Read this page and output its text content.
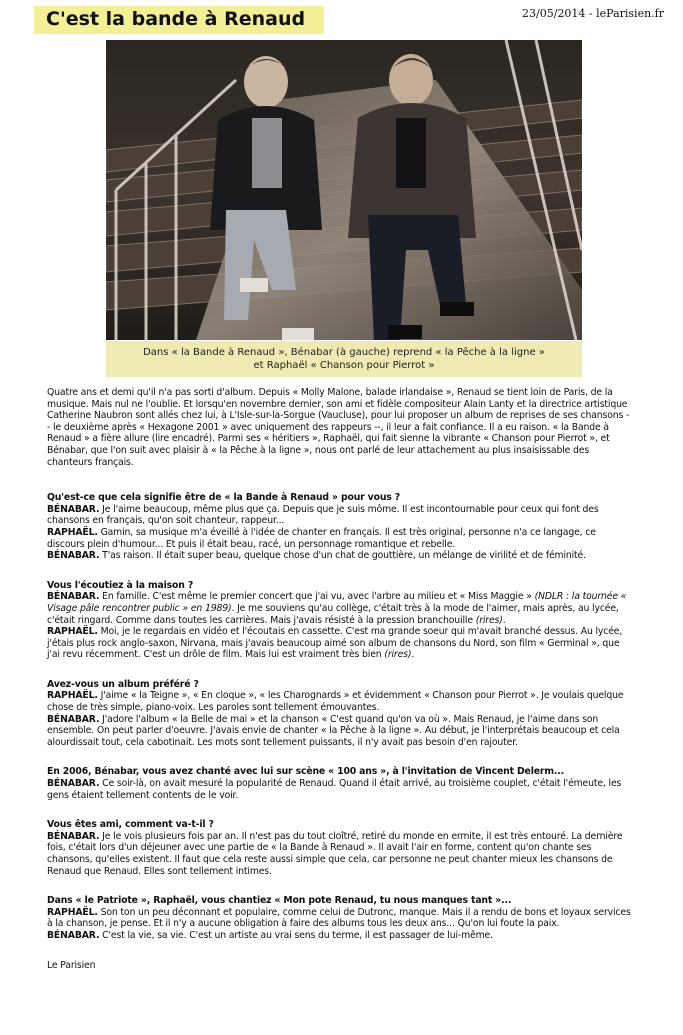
C'est la bande à Renaud	23/05/2014 - leParisien.fr
Dans « la Bande à Renaud », Bénabar (à gauche) reprend « la Pêche à la ligne »
et Raphaël « Chanson pour Pierrot »

Quatre ans et demi qu'il n'a pas sorti d'album. Depuis « Molly Malone, balade irlandaise », Renaud se tient loin de Paris, de la musique. Mais nul ne l'oublie. Et lorsqu'en novembre dernier, son ami et fidèle compositeur Alain Lanty et la directrice artistique Catherine Naubron sont allés chez lui, à L'Isle-sur-la-Sorgue (Vaucluse), pour lui proposer un album de reprises de ses chansons -- le deuxième après « Hexagone 2001 » avec uniquement des rappeurs --, il leur a fait confiance. Il a eu raison. « la Bande à Renaud » a fière allure (lire encadré). Parmi ses « héritiers », Raphaël, qui fait sienne la vibrante « Chanson pour Pierrot », et Bénabar, que l'on suit avec plaisir à « la Pêche à la ligne », nous ont parlé de leur attachement au plus insaisissable des chanteurs français.

Qu'est-ce que cela signifie être de « la Bande à Renaud » pour vous ?

BÉNABAR. Je l'aime beaucoup, même plus que ça. Depuis que je suis môme. Il est incontournable pour ceux qui font des chansons en français, qu'on soit chanteur, rappeur...

RAPHAËL. Gamin, sa musique m'a éveillé à l'idée de chanter en français. Il est très original, personne n'a ce langage, ce discours plein d'humour... Et puis il était beau, racé, un personnage romantique et rebelle.

BÉNABAR. T'as raison. Il était super beau, quelque chose d'un chat de gouttière, un mélange de virilité et de féminité.

Vous l'écoutiez à la maison ?

BÉNABAR. En famille. C'est même le premier concert que j'ai vu, avec l'arbre au milieu et « Miss Maggie » (NDLR : la tournée « Visage pâle rencontrer public » en 1989). Je me souviens qu'au collège, c'était très à la mode de l'aimer, mais après, au lycée, c'était ringard. Comme dans toutes les carrières. Mais j'avais résisté à la pression branchouille (rires).

RAPHAËL. Moi, je le regardais en vidéo et l'écoutais en cassette. C'est ma grande soeur qui m'avait branché dessus. Au lycée, j'étais plus rock anglo-saxon, Nirvana, mais j'avais beaucoup aimé son album de chansons du Nord, son film « Germinal », que j'ai revu récemment. C'est un drôle de film. Mais lui est vraiment très bien (rires).

Avez-vous un album préféré ?

RAPHAËL. J'aime « la Teigne », « En cloque », « les Charognards » et évidemment « Chanson pour Pierrot ». Je voulais quelque chose de très simple, piano-voix. Les paroles sont tellement émouvantes.

BÉNABAR. J'adore l'album « la Belle de mai » et la chanson « C'est quand qu'on va où ». Mais Renaud, je l'aime dans son ensemble. On peut parler d'oeuvre. J'avais envie de chanter « la Pêche à la ligne ». Au début, je l'interprétais beaucoup et cela alourdissait tout, cela cabotinait. Les mots sont tellement puissants, il n'y avait pas besoin d'en rajouter.

En 2006, Bénabar, vous avez chanté avec lui sur scène « 100 ans », à l'invitation de Vincent Delerm...

BÉNABAR. Ce soir-là, on avait mesuré la popularité de Renaud. Quand il était arrivé, au troisième couplet, c'était l'émeute, les gens étaient tellement contents de le voir.

Vous êtes ami, comment va-t-il ?

BÉNABAR. Je le vois plusieurs fois par an. Il n'est pas du tout cloîtré, retiré du monde en ermite, il est très entouré. La dernière fois, c'était lors d'un déjeuner avec une partie de « la Bande à Renaud ». Il avait l'air en forme, content qu'on chante ses chansons, qu'elles existent. Il faut que cela reste aussi simple que cela, car personne ne peut chanter mieux les chansons de Renaud que Renaud. Elles sont tellement intimes.

Dans « le Patriote », Raphaël, vous chantiez « Mon pote Renaud, tu nous manques tant »...

RAPHAËL. Son ton un peu déconnant et populaire, comme celui de Dutronc, manque. Mais il a rendu de bons et loyaux services à la chanson, je pense. Et il n'y a aucune obligation à faire des albums tous les deux ans... Qu'on lui foute la paix.

BÉNABAR. C'est la vie, sa vie. C'est un artiste au vrai sens du terme, il est passager de lui-même.

Le Parisien
